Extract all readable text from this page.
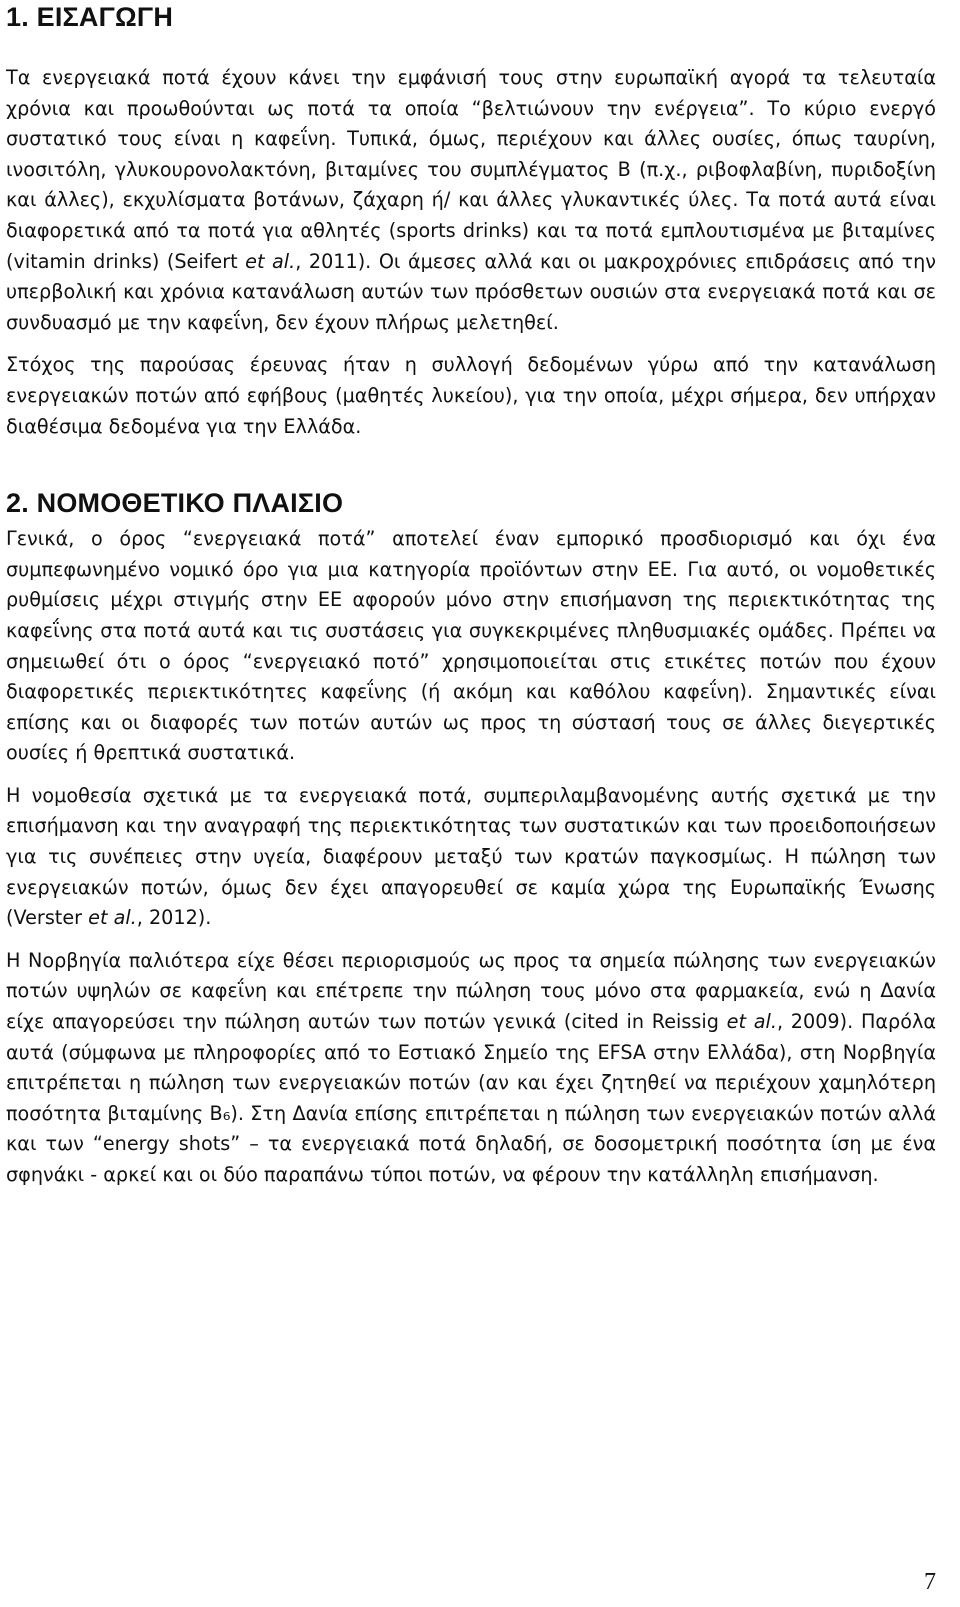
1. ΕΙΣΑΓΩΓΗ

Τα ενεργειακά ποτά έχουν κάνει την εμφάνισή τους στην ευρωπαϊκή αγορά τα τελευταία χρόνια και προωθούνται ως ποτά τα οποία “βελτιώνουν την ενέργεια”. Το κύριο ενεργό συστατικό τους είναι η καφεΐνη. Τυπικά, όμως, περιέχουν και άλλες ουσίες, όπως ταυρίνη, ινοσιτόλη, γλυκουρονολακτόνη, βιταμίνες του συμπλέγματος Β (π.χ., ριβοφλαβίνη, πυριδοξίνη και άλλες), εκχυλίσματα βοτάνων, ζάχαρη ή/ και άλλες γλυκαντικές ύλες. Τα ποτά αυτά είναι διαφορετικά από τα ποτά για αθλητές (sports drinks) και τα ποτά εμπλουτισμένα με βιταμίνες (vitamin drinks) (Seifert et al., 2011). Οι άμεσες αλλά και οι μακροχρόνιες επιδράσεις από την υπερβολική και χρόνια κατανάλωση αυτών των πρόσθετων ουσιών στα ενεργειακά ποτά και σε συνδυασμό με την καφεΐνη, δεν έχουν πλήρως μελετηθεί.

Στόχος της παρούσας έρευνας ήταν η συλλογή δεδομένων γύρω από την κατανάλωση ενεργειακών ποτών από εφήβους (μαθητές λυκείου), για την οποία, μέχρι σήμερα, δεν υπήρχαν διαθέσιμα δεδομένα για την Ελλάδα.

2. ΝΟΜΟΘΕΤΙΚΟ ΠΛΑΙΣΙΟ

Γενικά, ο όρος “ενεργειακά ποτά” αποτελεί έναν εμπορικό προσδιορισμό και όχι ένα συμπεφωνημένο νομικό όρο για μια κατηγορία προϊόντων στην ΕΕ. Για αυτό, οι νομοθετικές ρυθμίσεις μέχρι στιγμής στην ΕΕ αφορούν μόνο στην επισήμανση της περιεκτικότητας της καφεΐνης στα ποτά αυτά και τις συστάσεις για συγκεκριμένες πληθυσμιακές ομάδες. Πρέπει να σημειωθεί ότι ο όρος “ενεργειακό ποτό” χρησιμοποιείται στις ετικέτες ποτών που έχουν διαφορετικές περιεκτικότητες καφεΐνης (ή ακόμη και καθόλου καφεΐνη). Σημαντικές είναι επίσης και οι διαφορές των ποτών αυτών ως προς τη σύστασή τους σε άλλες διεγερτικές ουσίες ή θρεπτικά συστατικά.

Η νομοθεσία σχετικά με τα ενεργειακά ποτά, συμπεριλαμβανομένης αυτής σχετικά με την επισήμανση και την αναγραφή της περιεκτικότητας των συστατικών και των προειδοποιήσεων για τις συνέπειες στην υγεία, διαφέρουν μεταξύ των κρατών παγκοσμίως. Η πώληση των ενεργειακών ποτών, όμως δεν έχει απαγορευθεί σε καμία χώρα της Ευρωπαϊκής Ένωσης (Verster et al., 2012).

Η Νορβηγία παλιότερα είχε θέσει περιορισμούς ως προς τα σημεία πώλησης των ενεργειακών ποτών υψηλών σε καφεΐνη και επέτρεπε την πώληση τους μόνο στα φαρμακεία, ενώ η Δανία είχε απαγορεύσει την πώληση αυτών των ποτών γενικά (cited in Reissig et al., 2009). Παρόλα αυτά (σύμφωνα με πληροφορίες από το Εστιακό Σημείο της EFSA στην Ελλάδα), στη Νορβηγία επιτρέπεται η πώληση των ενεργειακών ποτών (αν και έχει ζητηθεί να περιέχουν χαμηλότερη ποσότητα βιταμίνης B₆). Στη Δανία επίσης επιτρέπεται η πώληση των ενεργειακών ποτών αλλά και των “energy shots” – τα ενεργειακά ποτά δηλαδή, σε δοσομετρική ποσότητα ίση με ένα σφηνάκι - αρκεί και οι δύο παραπάνω τύποι ποτών, να φέρουν την κατάλληλη επισήμανση.

7
